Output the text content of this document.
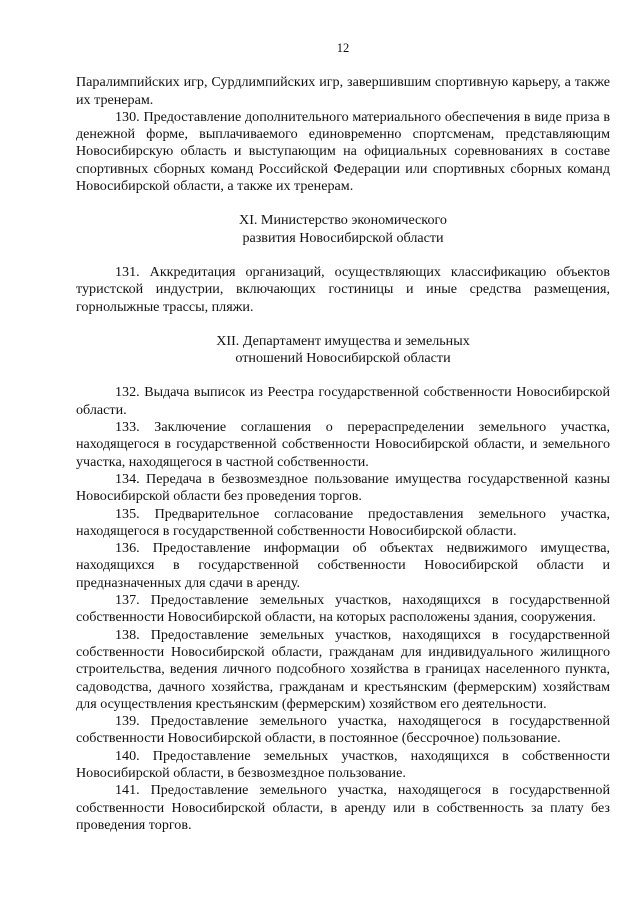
12

Паралимпийских игр, Сурдлимпийских игр, завершившим спортивную карьеру, а также их тренерам.

130. Предоставление дополнительного материального обеспечения в виде приза в денежной форме, выплачиваемого единовременно спортсменам, представляющим Новосибирскую область и выступающим на официальных соревнованиях в составе спортивных сборных команд Российской Федерации или спортивных сборных команд Новосибирской области, а также их тренерам.

XI. Министерство экономического
развития Новосибирской области

131. Аккредитация организаций, осуществляющих классификацию объектов туристской индустрии, включающих гостиницы и иные средства размещения, горнолыжные трассы, пляжи.

XII. Департамент имущества и земельных
отношений Новосибирской области

132. Выдача выписок из Реестра государственной собственности Новосибирской области.

133. Заключение соглашения о перераспределении земельного участка, находящегося в государственной собственности Новосибирской области, и земельного участка, находящегося в частной собственности.

134. Передача в безвозмездное пользование имущества государственной казны Новосибирской области без проведения торгов.

135. Предварительное согласование предоставления земельного участка, находящегося в государственной собственности Новосибирской области.

136. Предоставление информации об объектах недвижимого имущества, находящихся в государственной собственности Новосибирской области и предназначенных для сдачи в аренду.

137. Предоставление земельных участков, находящихся в государственной собственности Новосибирской области, на которых расположены здания, сооружения.

138. Предоставление земельных участков, находящихся в государственной собственности Новосибирской области, гражданам для индивидуального жилищного строительства, ведения личного подсобного хозяйства в границах населенного пункта, садоводства, дачного хозяйства, гражданам и крестьянским (фермерским) хозяйствам для осуществления крестьянским (фермерским) хозяйством его деятельности.

139. Предоставление земельного участка, находящегося в государственной собственности Новосибирской области, в постоянное (бессрочное) пользование.

140. Предоставление земельных участков, находящихся в собственности Новосибирской области, в безвозмездное пользование.

141. Предоставление земельного участка, находящегося в государственной собственности Новосибирской области, в аренду или в собственность за плату без проведения торгов.
